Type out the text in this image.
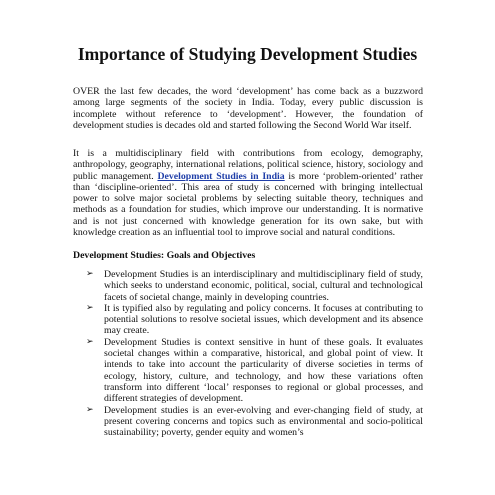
Importance of Studying Development Studies

OVER the last few decades, the word ‘development’ has come back as a buzzword among large segments of the society in India. Today, every public discussion is incomplete without reference to ‘development’. However, the foundation of development studies is decades old and started following the Second World War itself.

It is a multidisciplinary field with contributions from ecology, demography, anthropology, geography, international relations, political science, history, sociology and public management. Development Studies in India is more ‘problem-oriented’ rather than ‘discipline-oriented’. This area of study is concerned with bringing intellectual power to solve major societal problems by selecting suitable theory, techniques and methods as a foundation for studies, which improve our understanding. It is normative and is not just concerned with knowledge generation for its own sake, but with knowledge creation as an influential tool to improve social and natural conditions.

Development Studies: Goals and Objectives

➢ Development Studies is an interdisciplinary and multidisciplinary field of study, which seeks to understand economic, political, social, cultural and technological facets of societal change, mainly in developing countries.
➢ It is typified also by regulating and policy concerns. It focuses at contributing to potential solutions to resolve societal issues, which development and its absence may create.
➢ Development Studies is context sensitive in hunt of these goals. It evaluates societal changes within a comparative, historical, and global point of view. It intends to take into account the particularity of diverse societies in terms of ecology, history, culture, and technology, and how these variations often transform into different ‘local’ responses to regional or global processes, and different strategies of development.
➢ Development studies is an ever-evolving and ever-changing field of study, at present covering concerns and topics such as environmental and socio-political sustainability; poverty, gender equity and women’s
